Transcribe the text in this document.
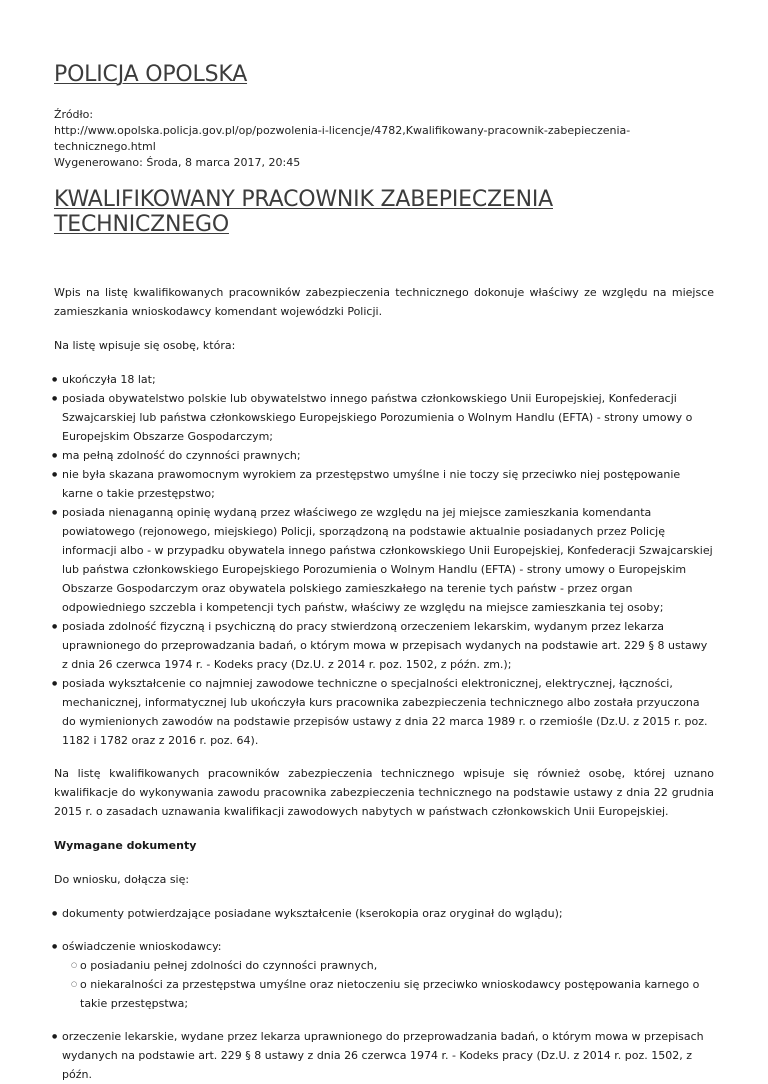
POLICJA OPOLSKA
Źródło:
http://www.opolska.policja.gov.pl/op/pozwolenia-i-licencje/4782,Kwalifikowany-pracownik-zabepieczenia-technicznego.html
Wygenerowano: Środa, 8 marca 2017, 20:45
KWALIFIKOWANY PRACOWNIK ZABEPIECZENIA TECHNICZNEGO

Wpis na listę kwalifikowanych pracowników zabezpieczenia technicznego dokonuje właściwy ze względu na miejsce zamieszkania wnioskodawcy komendant wojewódzki Policji.

Na listę wpisuje się osobę, która:

● ukończyła 18 lat;
● posiada obywatelstwo polskie lub obywatelstwo innego państwa członkowskiego Unii Europejskiej, Konfederacji Szwajcarskiej lub państwa członkowskiego Europejskiego Porozumienia o Wolnym Handlu (EFTA) - strony umowy o Europejskim Obszarze Gospodarczym;
● ma pełną zdolność do czynności prawnych;
● nie była skazana prawomocnym wyrokiem za przestępstwo umyślne i nie toczy się przeciwko niej postępowanie karne o takie przestępstwo;
● posiada nienaganną opinię wydaną przez właściwego ze względu na jej miejsce zamieszkania komendanta powiatowego (rejonowego, miejskiego) Policji, sporządzoną na podstawie aktualnie posiadanych przez Policję informacji albo - w przypadku obywatela innego państwa członkowskiego Unii Europejskiej, Konfederacji Szwajcarskiej lub państwa członkowskiego Europejskiego Porozumienia o Wolnym Handlu (EFTA) - strony umowy o Europejskim Obszarze Gospodarczym oraz obywatela polskiego zamieszkałego na terenie tych państw - przez organ odpowiedniego szczebla i kompetencji tych państw, właściwy ze względu na miejsce zamieszkania tej osoby;
● posiada zdolność fizyczną i psychiczną do pracy stwierdzoną orzeczeniem lekarskim, wydanym przez lekarza uprawnionego do przeprowadzania badań, o którym mowa w przepisach wydanych na podstawie art. 229 § 8 ustawy z dnia 26 czerwca 1974 r. - Kodeks pracy (Dz.U. z 2014 r. poz. 1502, z późn. zm.);
● posiada wykształcenie co najmniej zawodowe techniczne o specjalności elektronicznej, elektrycznej, łączności, mechanicznej, informatycznej lub ukończyła kurs pracownika zabezpieczenia technicznego albo została przyuczona do wymienionych zawodów na podstawie przepisów ustawy z dnia 22 marca 1989 r. o rzemiośle (Dz.U. z 2015 r. poz. 1182 i 1782 oraz z 2016 r. poz. 64).

Na listę kwalifikowanych pracowników zabezpieczenia technicznego wpisuje się również osobę, której uznano kwalifikacje do wykonywania zawodu pracownika zabezpieczenia technicznego na podstawie ustawy z dnia 22 grudnia 2015 r. o zasadach uznawania kwalifikacji zawodowych nabytych w państwach członkowskich Unii Europejskiej.

Wymagane dokumenty

Do wniosku, dołącza się:

● dokumenty potwierdzające posiadane wykształcenie (kserokopia oraz oryginał do wglądu);
● oświadczenie wnioskodawcy:
○ o posiadaniu pełnej zdolności do czynności prawnych,
○ o niekaralności za przestępstwa umyślne oraz nietoczeniu się przeciwko wnioskodawcy postępowania karnego o takie przestępstwa;
● orzeczenie lekarskie, wydane przez lekarza uprawnionego do przeprowadzania badań, o którym mowa w przepisach wydanych na podstawie art. 229 § 8 ustawy z dnia 26 czerwca 1974 r. - Kodeks pracy (Dz.U. z 2014 r. poz. 1502, z późn.
